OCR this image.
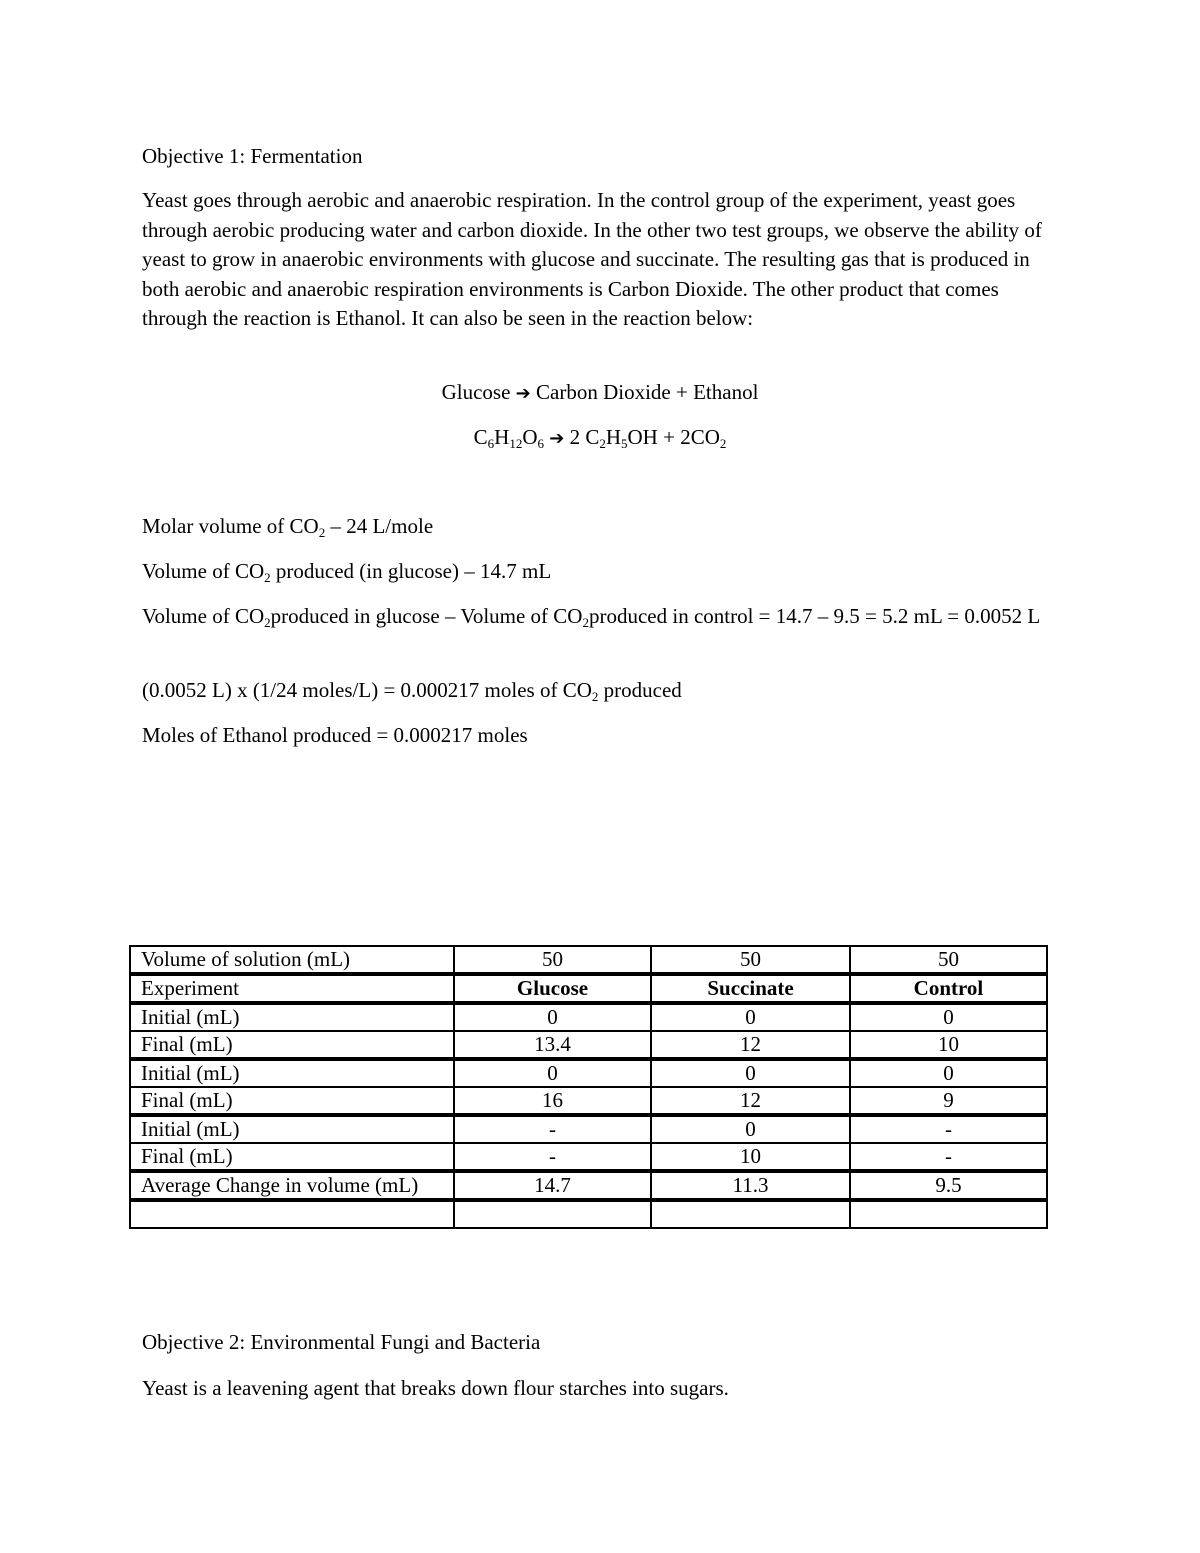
Objective 1: Fermentation
Yeast goes through aerobic and anaerobic respiration. In the control group of the experiment, yeast goes through aerobic producing water and carbon dioxide. In the other two test groups, we observe the ability of yeast to grow in anaerobic environments with glucose and succinate. The resulting gas that is produced in both aerobic and anaerobic respiration environments is Carbon Dioxide. The other product that comes through the reaction is Ethanol. It can also be seen in the reaction below:
Glucose ➔ Carbon Dioxide + Ethanol
$C_6H_{12}O_6$ ➔ 2 $C_2H_5OH + 2CO_2$
Molar volume of $CO_2 - 24$ L/mole
Volume of $CO_2$ produced (in glucose) – 14.7 mL
Volume of $CO_2produced$ in glucose – Volume of $CO_2produced$ in control = 14.7 – 9.5 = 5.2 mL = 0.0052 L
(0.0052 L) x (1/24 moles/L) = 0.000217 moles of $CO_2$ produced
Moles of Ethanol produced = 0.000217 moles
Volume of solution (mL)	50	50	50
Experiment	Glucose	Succinate	Control
Initial (mL)	0	0	0
Final (mL)	13.4	12	10
Initial (mL)	0	0	0
Final (mL)	16	12	9
Initial (mL)	-	0	-
Final (mL)	-	10	-
Average Change in volume (mL)	14.7	11.3	9.5

Objective 2: Environmental Fungi and Bacteria
Yeast is a leavening agent that breaks down flour starches into sugars.
